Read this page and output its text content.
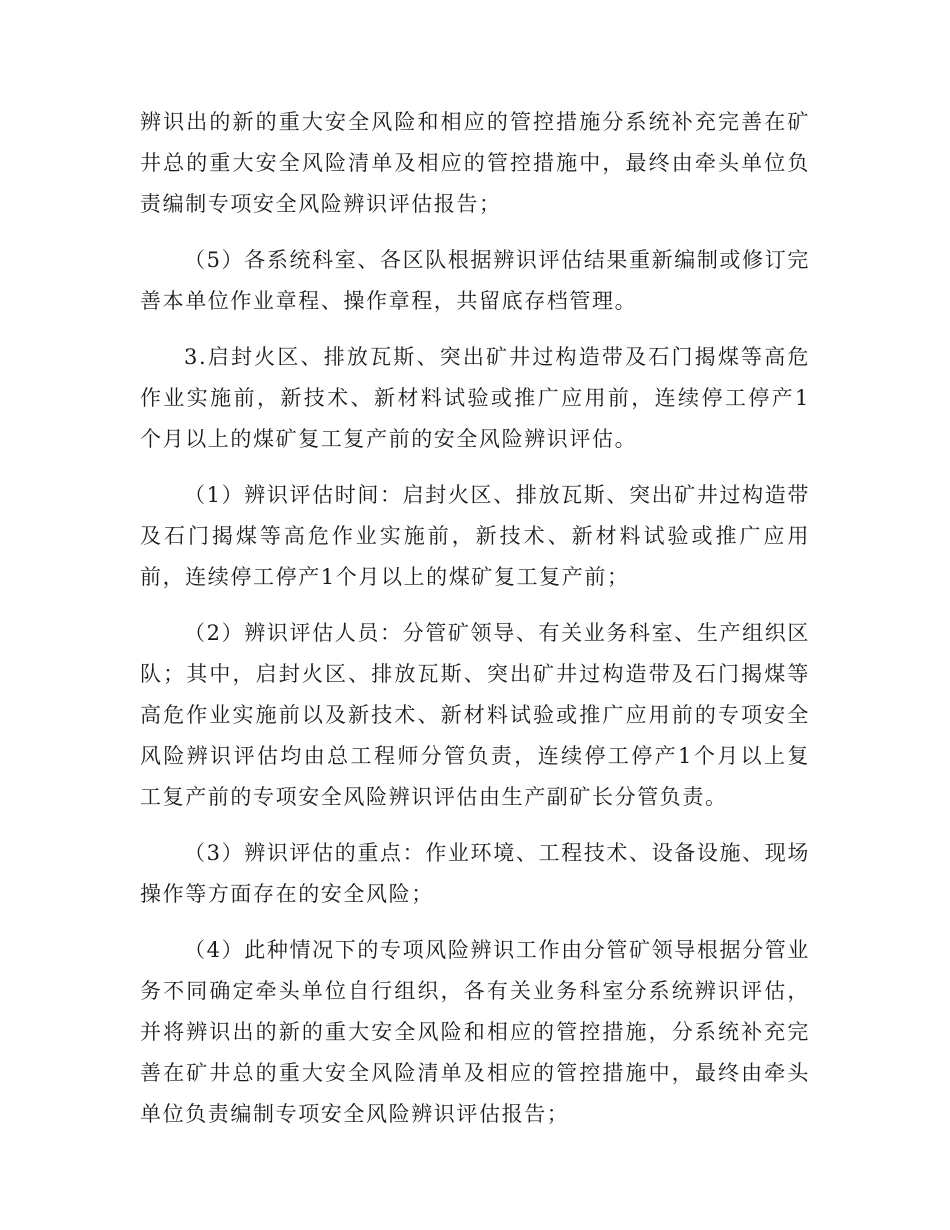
辨识出的新的重大安全风险和相应的管控措施分系统补充完善在矿井总的重大安全风险清单及相应的管控措施中，最终由牵头单位负责编制专项安全风险辨识评估报告；

（5）各系统科室、各区队根据辨识评估结果重新编制或修订完善本单位作业章程、操作章程，共留底存档管理。

3.启封火区、排放瓦斯、突出矿井过构造带及石门揭煤等高危作业实施前，新技术、新材料试验或推广应用前，连续停工停产1个月以上的煤矿复工复产前的安全风险辨识评估。

（1）辨识评估时间：启封火区、排放瓦斯、突出矿井过构造带及石门揭煤等高危作业实施前，新技术、新材料试验或推广应用前，连续停工停产1个月以上的煤矿复工复产前；

（2）辨识评估人员：分管矿领导、有关业务科室、生产组织区队；其中，启封火区、排放瓦斯、突出矿井过构造带及石门揭煤等高危作业实施前以及新技术、新材料试验或推广应用前的专项安全风险辨识评估均由总工程师分管负责，连续停工停产1个月以上复工复产前的专项安全风险辨识评估由生产副矿长分管负责。

（3）辨识评估的重点：作业环境、工程技术、设备设施、现场操作等方面存在的安全风险；

（4）此种情况下的专项风险辨识工作由分管矿领导根据分管业务不同确定牵头单位自行组织，各有关业务科室分系统辨识评估，并将辨识出的新的重大安全风险和相应的管控措施，分系统补充完善在矿井总的重大安全风险清单及相应的管控措施中，最终由牵头单位负责编制专项安全风险辨识评估报告；
